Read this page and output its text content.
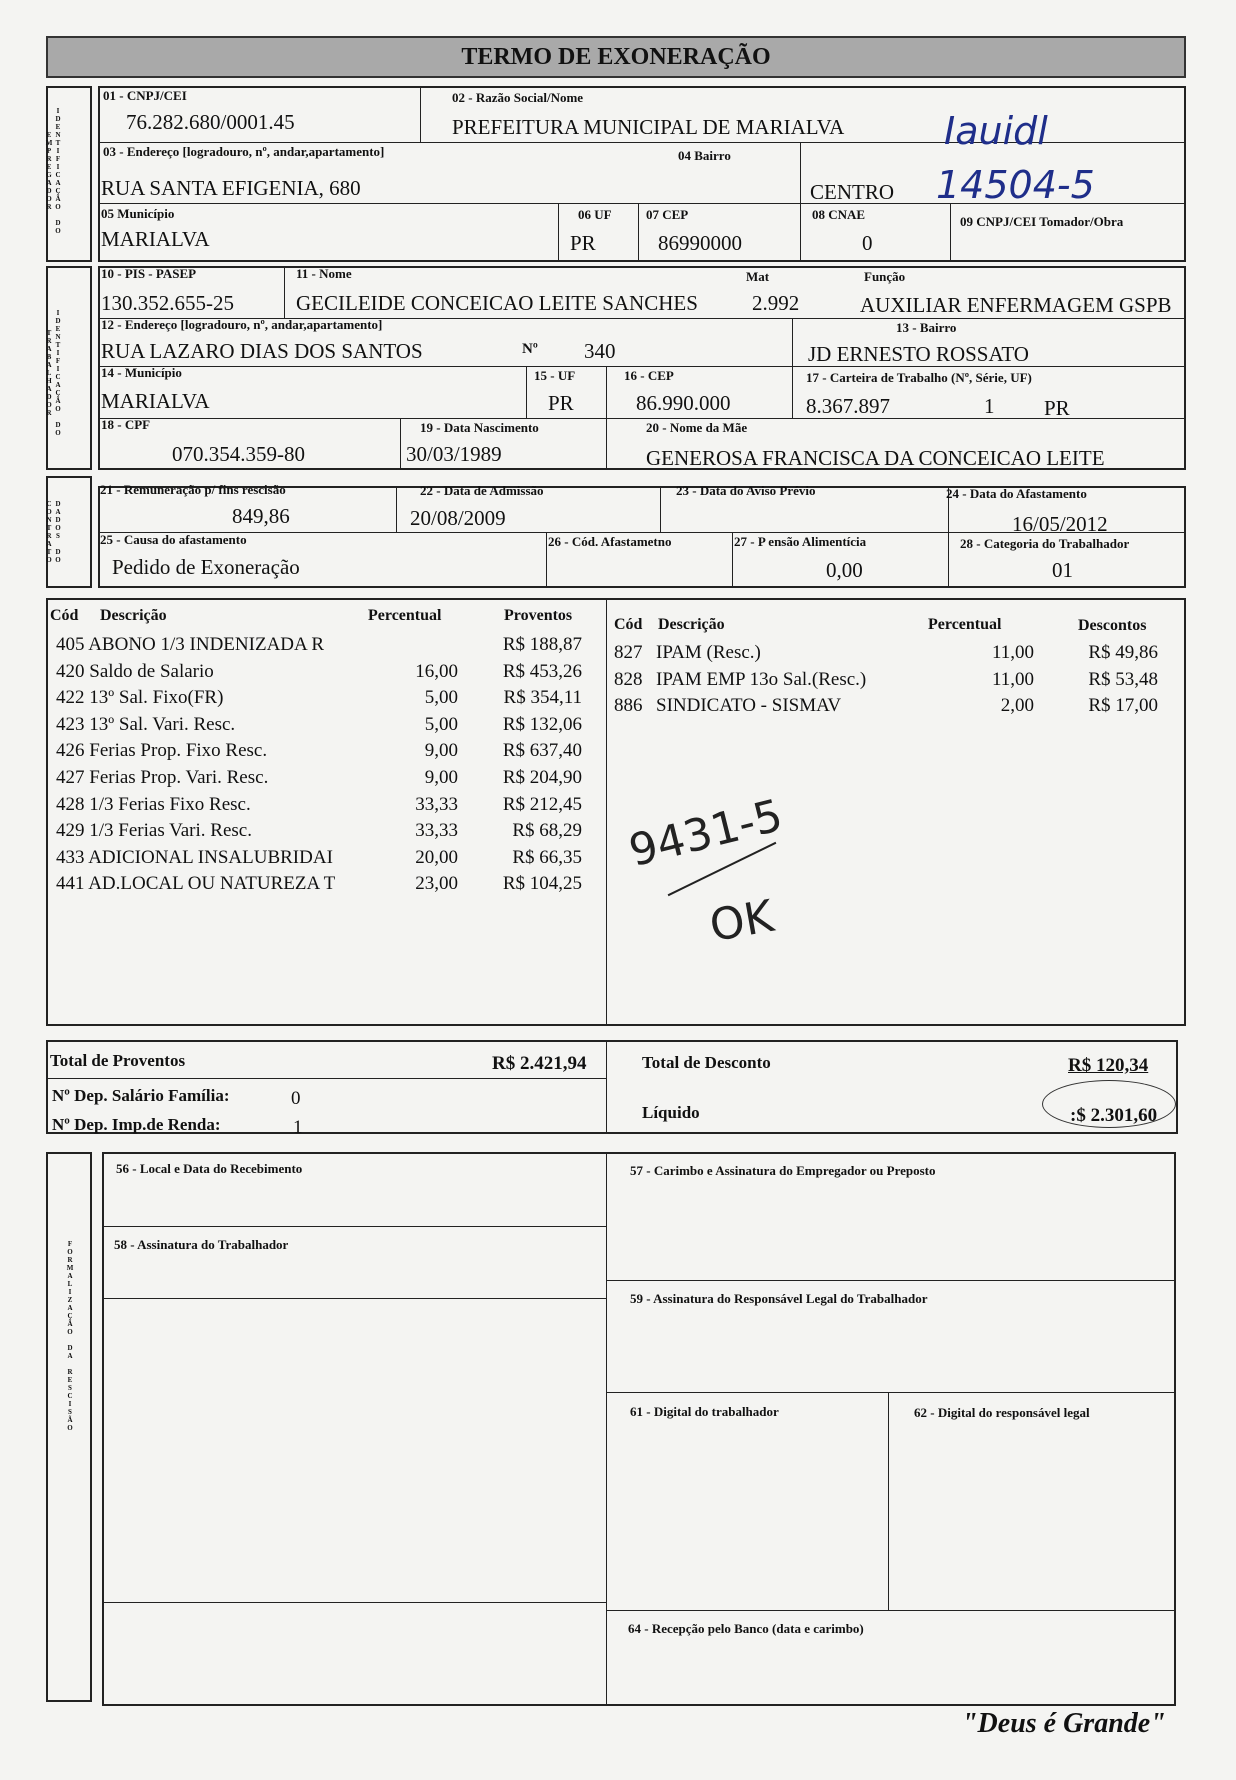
TERMO DE EXONERAÇÃO
IDENTIFICAÇÃO DO EMPREGADOR
01 - CNPJ/CEI
76.282.680/0001.45
02 - Razão Social/Nome
PREFEITURA MUNICIPAL DE MARIALVA
03 - Endereço [logradouro, nº, andar,apartamento]	04 Bairro
RUA SANTA EFIGENIA, 680	CENTRO
05 Município
MARIALVA
06 UF
PR
07 CEP
86990000
08 CNAE
0
09 CNPJ/CEI Tomador/Obra
IDENTIFICAÇÃO DO TRABALHADOR
10 - PIS - PASEP
130.352.655-25
11 - Nome
GECILEIDE CONCEICAO LEITE SANCHES
Mat
2.992
Função
AUXILIAR ENFERMAGEM GSPB
12 - Endereço [logradouro, nº, andar,apartamento]
RUA LAZARO DIAS DOS SANTOS	Nº 340
13 - Bairro
JD ERNESTO ROSSATO
14 - Município
MARIALVA
15 - UF
PR
16 - CEP
86.990.000
17 - Carteira de Trabalho (Nº, Série, UF)
8.367.897	1 PR
18 - CPF
070.354.359-80
19 - Data Nascimento
30/03/1989
20 - Nome da Mãe
GENEROSA FRANCISCA DA CONCEICAO LEITE
DADOS DO CONTRATO
21 - Remuneração p/ fins rescisão
849,86
22 - Data de Admissão
20/08/2009
23 - Data do Aviso Prévio	24 - Data do Afastamento
16/05/2012
25 - Causa do afastamento
Pedido de Exoneração
26 - Cód. Afastametno	27 - P ensão Alimentícia
0,00
28 - Categoria do Trabalhador
01
Cód Descrição	Percentual	Proventos
405 ABONO 1/3 INDENIZADA R	R$ 188,87
420 Saldo de Salario	16,00 R$ 453,26
422 13º Sal. Fixo(FR)	5,00 R$ 354,11
423 13º Sal. Vari. Resc.	5,00 R$ 132,06
426 Ferias Prop. Fixo Resc.	9,00 R$ 637,40
427 Ferias Prop. Vari. Resc.	9,00 R$ 204,90
428 1/3 Ferias Fixo Resc.	33,33 R$ 212,45
429 1/3 Ferias Vari. Resc.	33,33	R$ 68,29
433 ADICIONAL INSALUBRIDAI	20,00	R$ 66,35
441 AD.LOCAL OU NATUREZA T	23,00 R$ 104,25
Cód Descrição	Percentual	Descontos
827 IPAM (Resc.)	11,00	R$ 49,86
828 IPAM EMP 13o Sal.(Resc.)	11,00	R$ 53,48
886 SINDICATO - SISMAV	2,00	R$ 17,00
Total de Proventos	R$ 2.421,94	Total de Desconto	R$ 120,34
Nº Dep. Salário Família:	0
Nº Dep. Imp.de Renda:	1
Líquido	:$ 2.301,60
FORMALIZAÇÃO DA RESCISÃO
56 - Local e Data do Recebimento	57 - Carimbo e Assinatura do Empregador ou Preposto
58 - Assinatura do Trabalhador
59 - Assinatura do Responsável Legal do Trabalhador
61 - Digital do trabalhador	62 - Digital do responsável legal
64 - Recepção pelo Banco (data e carimbo)
Iauidl
14504-5
9431-5
OK
"Deus é Grande"
